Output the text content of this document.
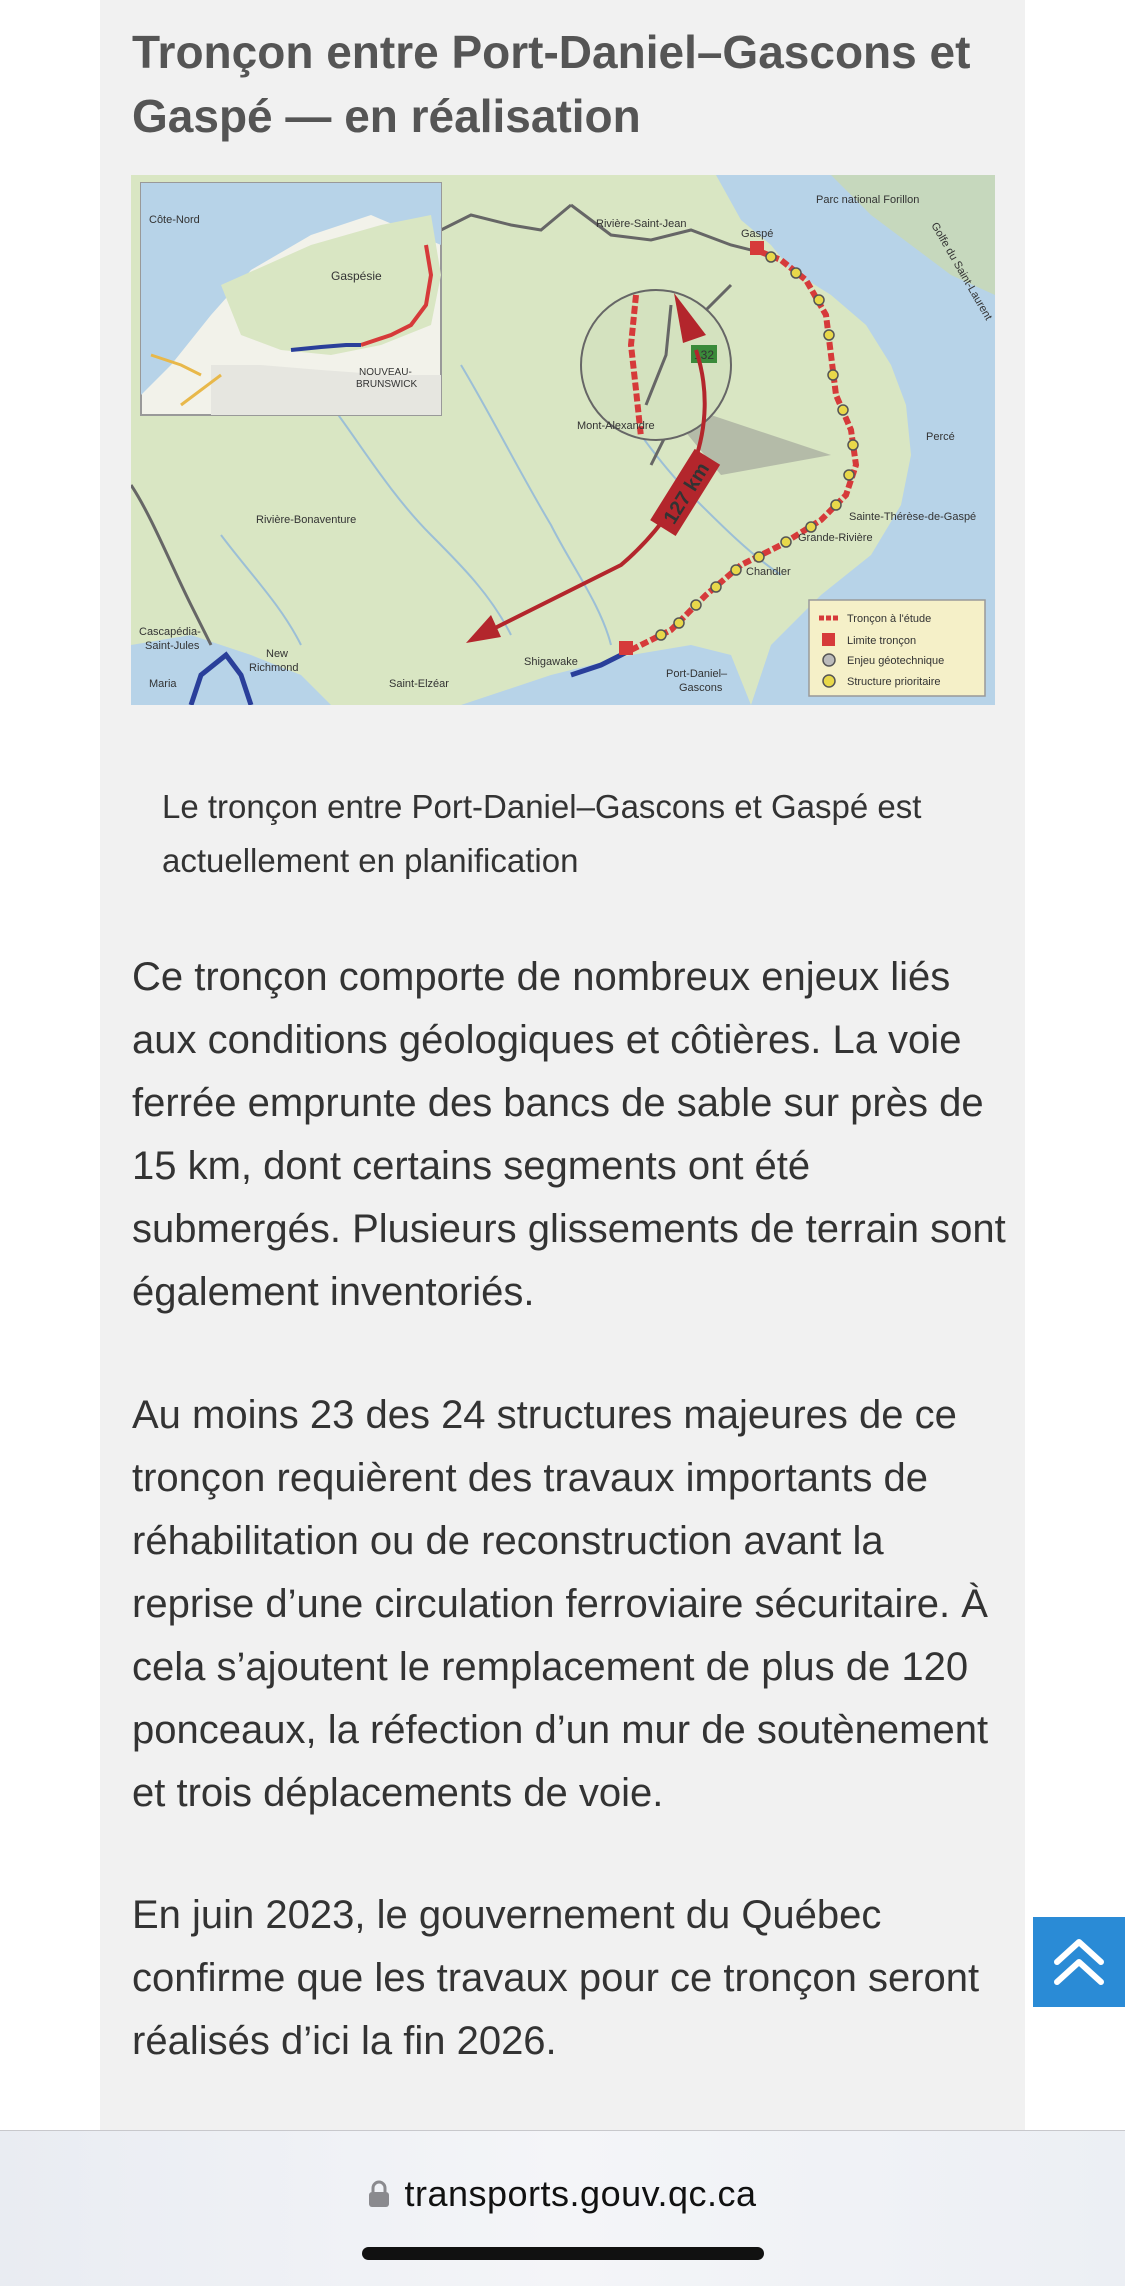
Tronçon entre Port-Daniel–Gascons et Gaspé — en réalisation
Côte-Nord
Gaspésie
NOUVEAU-
BRUNSWICK
132
127 km
Rivière-Saint-Jean
Gaspé
Parc national Forillon
Golfe du Saint-Laurent
Percé
Sainte-Thérèse-de-Gaspé
Grande-Rivière
Chandler
Mont-Alexandre
Rivière-Bonaventure
Shigawake
Port-Daniel–
Gascons
Cascapédia-
Saint-Jules
New
Richmond
Maria	Saint-Elzéar
Tronçon à l'étude
Limite tronçon
Enjeu géotechnique
Structure prioritaire

Le tronçon entre Port-Daniel–Gascons et Gaspé est actuellement en planification

Ce tronçon comporte de nombreux enjeux liés aux conditions géologiques et côtières. La voie ferrée emprunte des bancs de sable sur près de 15 km, dont certains segments ont été submergés. Plusieurs glissements de terrain sont également inventoriés.

Au moins 23 des 24 structures majeures de ce tronçon requièrent des travaux importants de réhabilitation ou de reconstruction avant la reprise d’une circulation ferroviaire sécuritaire. À cela s’ajoutent le remplacement de plus de 120 ponceaux, la réfection d’un mur de soutènement et trois déplacements de voie.

En juin 2023, le gouvernement du Québec confirme que les travaux pour ce tronçon seront réalisés d’ici la fin 2026.

transports.gouv.qc.ca
